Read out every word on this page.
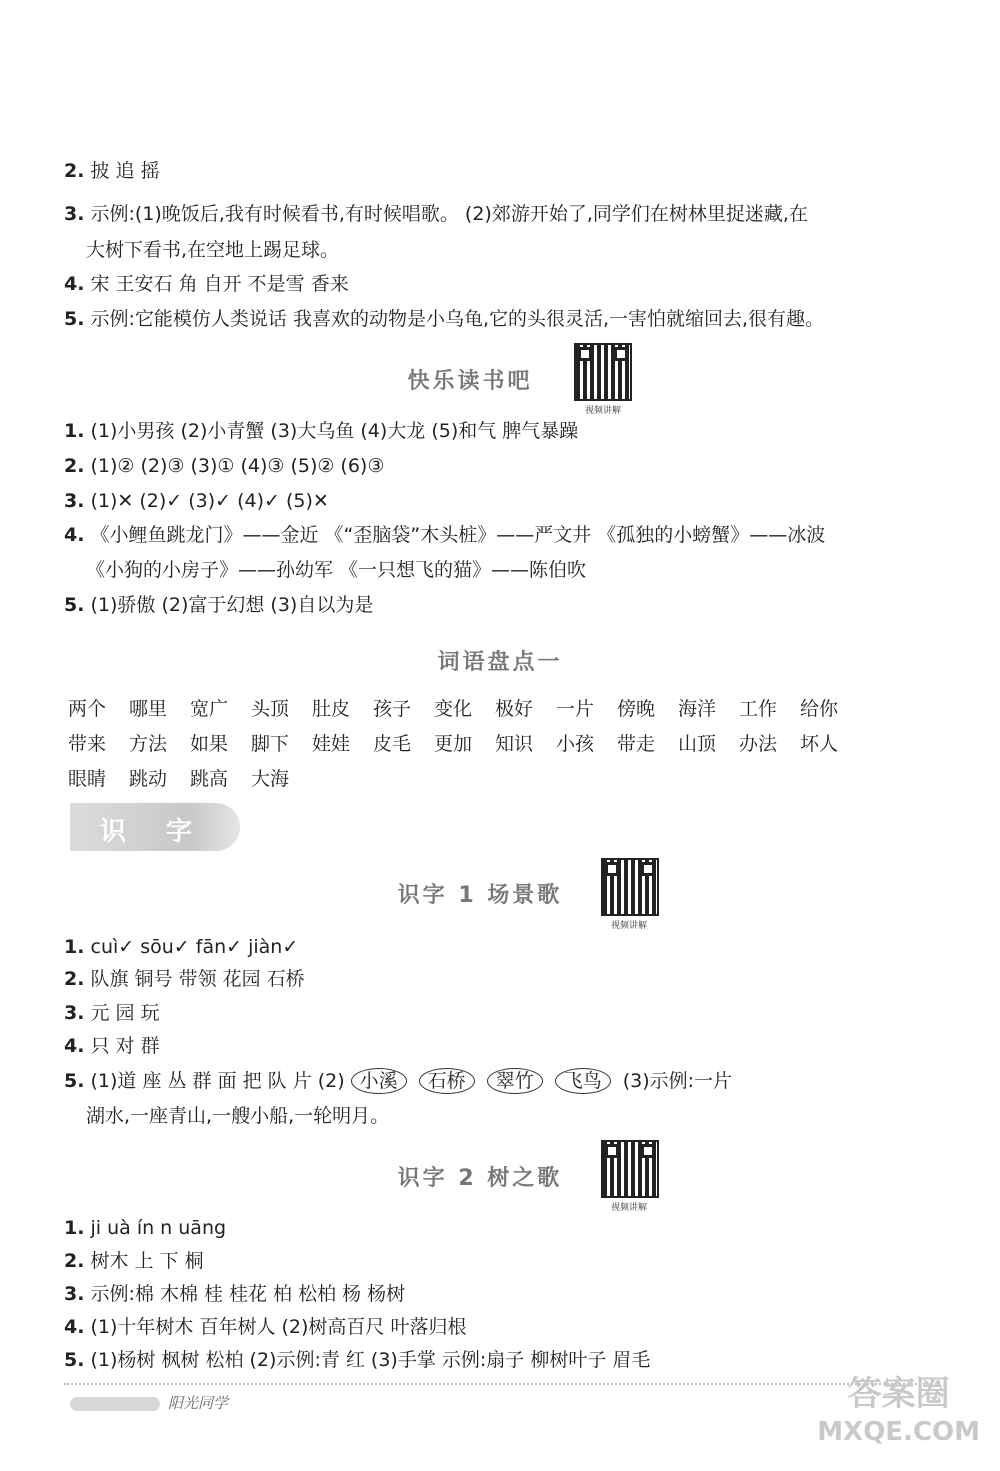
2. 披 追 摇
3. 示例:(1)晚饭后,我有时候看书,有时候唱歌。 (2)郊游开始了,同学们在树林里捉迷藏,在
大树下看书,在空地上踢足球。
4. 宋 王安石 角 自开 不是雪 香来
5. 示例:它能模仿人类说话 我喜欢的动物是小乌龟,它的头很灵活,一害怕就缩回去,很有趣。
快乐读书吧
视频讲解
1. (1)小男孩 (2)小青蟹 (3)大乌鱼 (4)大龙 (5)和气 脾气暴躁
2. (1)② (2)③ (3)① (4)③ (5)② (6)③
3. (1)✕ (2)✓ (3)✓ (4)✓ (5)✕
4. 《小鲤鱼跳龙门》——金近 《“歪脑袋”木头桩》——严文井 《孤独的小螃蟹》——冰波
《小狗的小房子》——孙幼军 《一只想飞的猫》——陈伯吹
5. (1)骄傲 (2)富于幻想 (3)自以为是
词语盘点一
两个 哪里 宽广 头顶 肚皮 孩子 变化 极好 一片 傍晚 海洋 工作 给你
带来 方法 如果 脚下 娃娃 皮毛 更加 知识 小孩 带走 山顶 办法 坏人
眼睛 跳动 跳高 大海
识字
识字 1 场景歌
视频讲解
1. cuì✓ sōu✓ fān✓ jiàn✓
2. 队旗 铜号 带领 花园 石桥
3. 元 园 玩
4. 只 对 群
5. (1)道 座 丛 群 面 把 队 片 (2) 小溪 石桥 翠竹 飞鸟 (3)示例:一片
湖水,一座青山,一艘小船,一轮明月。
识字 2 树之歌
视频讲解
1. ji uà ín n uāng
2. 树木 上 下 桐
3. 示例:棉 木棉 桂 桂花 柏 松柏 杨 杨树
4. (1)十年树木 百年树人 (2)树高百尺 叶落归根
5. (1)杨树 枫树 松柏 (2)示例:青 红 (3)手掌 示例:扇子 柳树叶子 眉毛
阳光同学	答案圈
MXQE.COM
